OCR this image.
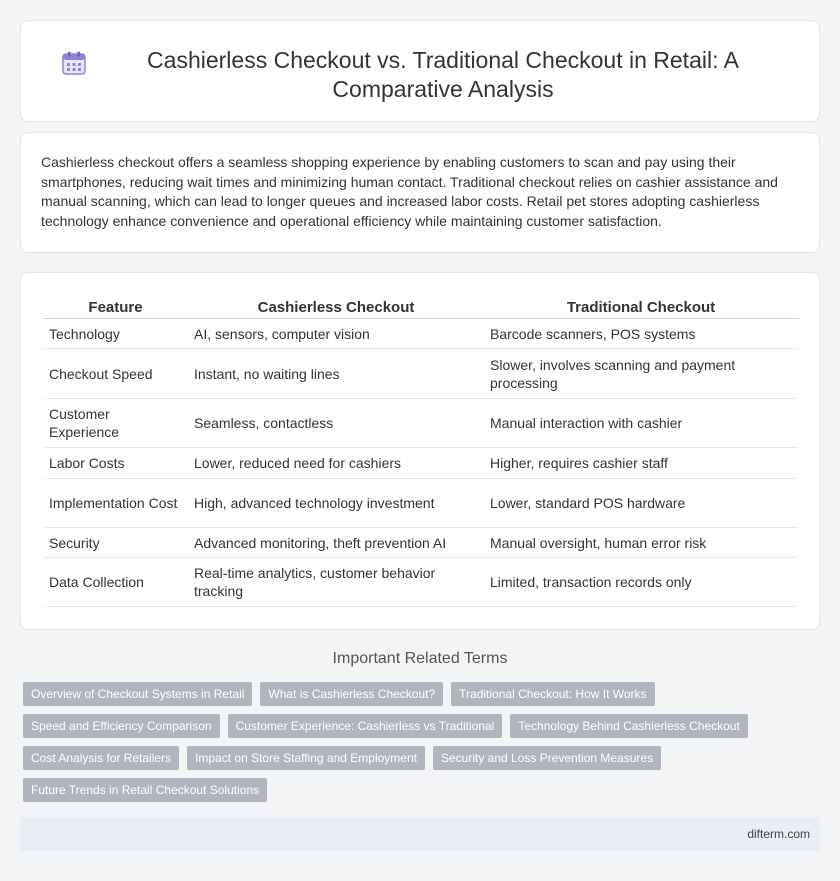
Cashierless Checkout vs. Traditional Checkout in Retail: A Comparative Analysis

Cashierless checkout offers a seamless shopping experience by enabling customers to scan and pay using their smartphones, reducing wait times and minimizing human contact. Traditional checkout relies on cashier assistance and manual scanning, which can lead to longer queues and increased labor costs. Retail pet stores adopting cashierless technology enhance convenience and operational efficiency while maintaining customer satisfaction.

Feature	Cashierless Checkout	Traditional Checkout
Technology	AI, sensors, computer vision	Barcode scanners, POS systems
Checkout Speed	Instant, no waiting lines	Slower, involves scanning and payment processing
Customer Experience	Seamless, contactless	Manual interaction with cashier
Labor Costs	Lower, reduced need for cashiers	Higher, requires cashier staff
Implementation Cost	High, advanced technology investment	Lower, standard POS hardware
Security	Advanced monitoring, theft prevention AI	Manual oversight, human error risk
Data Collection	Real-time analytics, customer behavior tracking	Limited, transaction records only
Important Related Terms
Overview of Checkout Systems in Retail	What is Cashierless Checkout?	Traditional Checkout: How It Works
Speed and Efficiency Comparison	Customer Experience: Cashierless vs Traditional	Technology Behind Cashierless Checkout
Cost Analysis for Retailers	Impact on Store Staffing and Employment	Security and Loss Prevention Measures
Future Trends in Retail Checkout Solutions
difterm.com
